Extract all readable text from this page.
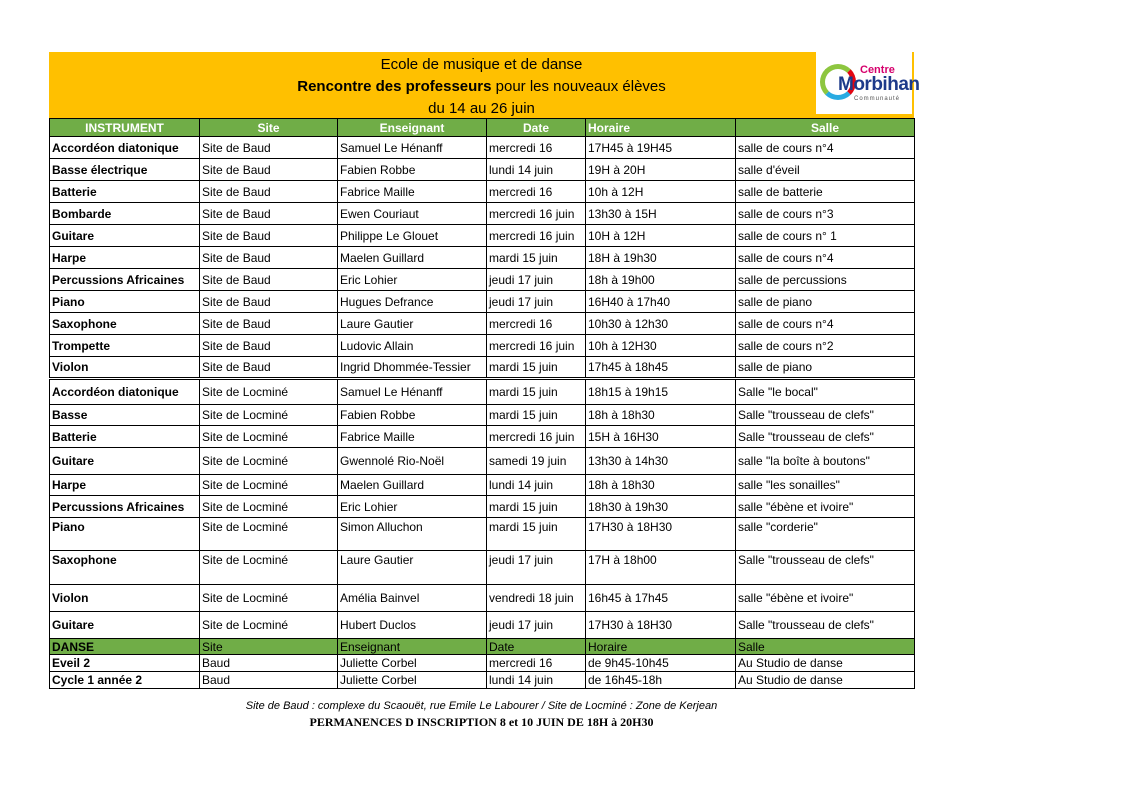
Ecole de musique et de danse
Rencontre des professeurs pour les nouveaux élèves
du 14 au 26 juin
Centre
Morbihan
Communauté
INSTRUMENT	Site	Enseignant	Date	Horaire	Salle
Accordéon diatonique	Site de Baud	Samuel Le Hénanff	mercredi 16	17H45 à 19H45	salle de cours n°4
Basse électrique	Site de Baud	Fabien Robbe	lundi 14 juin	19H à 20H	salle d'éveil
Batterie	Site de Baud	Fabrice Maille	mercredi 16	10h à 12H	salle de batterie
Bombarde	Site de Baud	Ewen Couriaut	mercredi 16 juin	13h30 à 15H	salle de cours n°3
Guitare	Site de Baud	Philippe Le Glouet	mercredi 16 juin	10H à 12H	salle de cours n° 1
Harpe	Site de Baud	Maelen Guillard	mardi 15 juin	18H à 19h30	salle de cours n°4
Percussions Africaines	Site de Baud	Eric Lohier	jeudi 17 juin	18h à 19h00	salle de percussions
Piano	Site de Baud	Hugues Defrance	jeudi 17 juin	16H40 à 17h40	salle de piano
Saxophone	Site de Baud	Laure Gautier	mercredi 16	10h30 à 12h30	salle de cours n°4
Trompette	Site de Baud	Ludovic Allain	mercredi 16 juin	10h à 12H30	salle de cours n°2
Violon	Site de Baud	Ingrid Dhommée-Tessier	mardi 15 juin	17h45 à 18h45	salle de piano
Accordéon diatonique	Site de Locminé	Samuel Le Hénanff	mardi 15 juin	18h15 à 19h15	Salle "le bocal"
Basse	Site de Locminé	Fabien Robbe	mardi 15 juin	18h à 18h30	Salle "trousseau de clefs"
Batterie	Site de Locminé	Fabrice Maille	mercredi 16 juin	15H à 16H30	Salle "trousseau de clefs"
Guitare	Site de Locminé	Gwennolé Rio-Noël	samedi 19 juin	13h30 à 14h30	salle "la boîte à boutons"
Harpe	Site de Locminé	Maelen Guillard	lundi 14 juin	18h à 18h30	salle "les sonailles"
Percussions Africaines	Site de Locminé	Eric Lohier	mardi 15 juin	18h30 à 19h30	salle "ébène et ivoire"
Piano	Site de Locminé	Simon Alluchon	mardi 15 juin	17H30 à 18H30	salle "corderie"
Saxophone	Site de Locminé	Laure Gautier	jeudi 17 juin	17H à 18h00	Salle "trousseau de clefs"
Violon	Site de Locminé	Amélia Bainvel	vendredi 18 juin	16h45 à 17h45	salle "ébène et ivoire"
Guitare	Site de Locminé	Hubert Duclos	jeudi 17 juin	17H30 à 18H30	Salle "trousseau de clefs"
DANSE	Site	Enseignant	Date	Horaire	Salle
Eveil 2	Baud	Juliette Corbel	mercredi 16	de 9h45-10h45	Au Studio de danse
Cycle 1 année 2	Baud	Juliette Corbel	lundi 14 juin	de 16h45-18h	Au Studio de danse
Site de Baud : complexe du Scaouët, rue Emile Le Labourer / Site de Locminé : Zone de Kerjean
PERMANENCES D INSCRIPTION 8 et 10 JUIN DE 18H à 20H30
